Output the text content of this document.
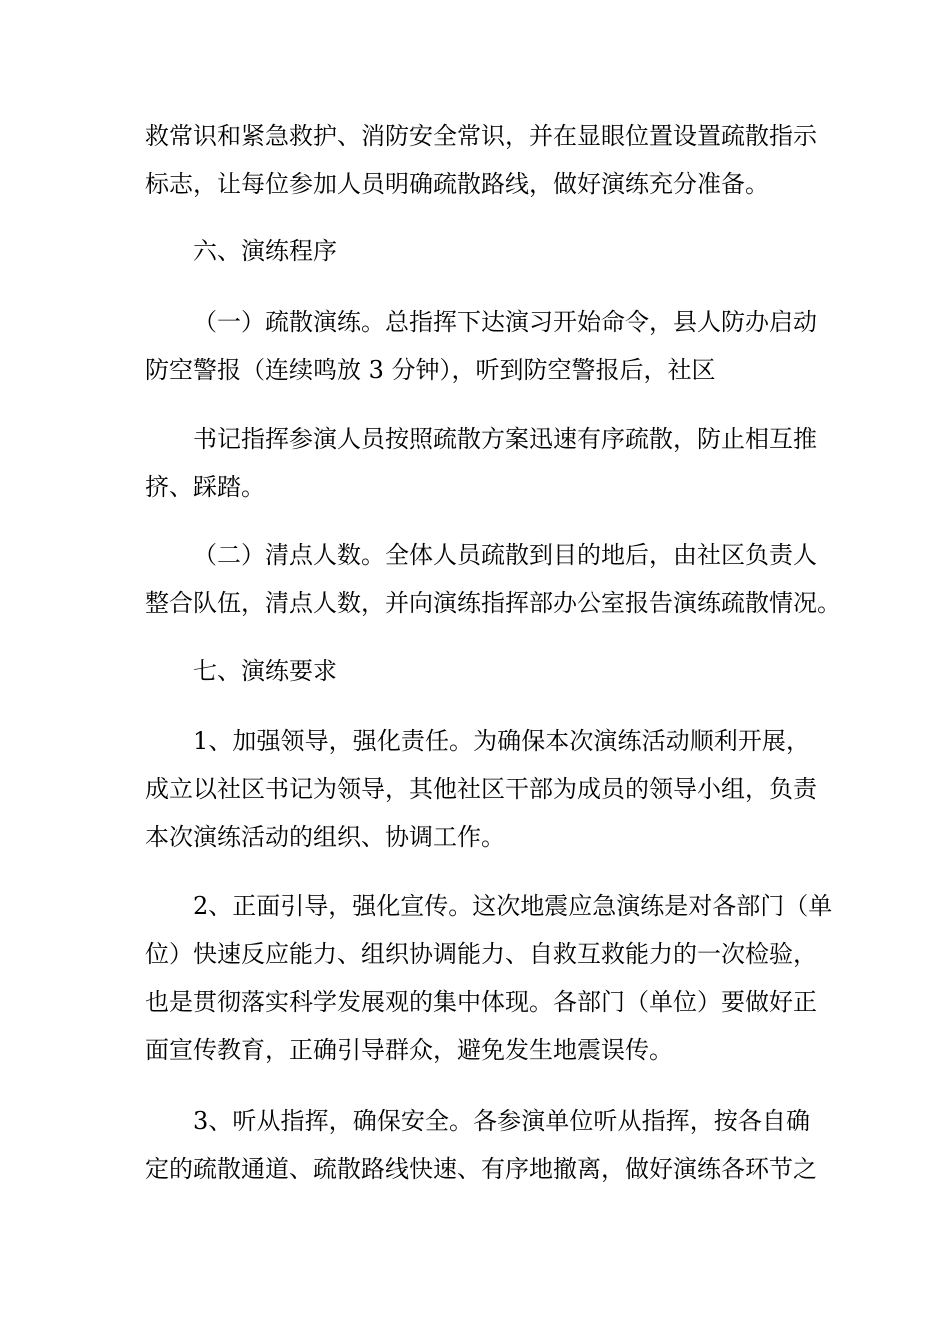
救常识和紧急救护、消防安全常识，并在显眼位置设置疏散指示
标志，让每位参加人员明确疏散路线，做好演练充分准备。
六、演练程序
（一）疏散演练。总指挥下达演习开始命令，县人防办启动
防空警报（连续鸣放 3 分钟），听到防空警报后，社区
书记指挥参演人员按照疏散方案迅速有序疏散，防止相互推
挤、踩踏。
（二）清点人数。全体人员疏散到目的地后，由社区负责人
整合队伍，清点人数，并向演练指挥部办公室报告演练疏散情况。
七、演练要求
1、加强领导，强化责任。为确保本次演练活动顺利开展，
成立以社区书记为领导，其他社区干部为成员的领导小组，负责
本次演练活动的组织、协调工作。
2、正面引导，强化宣传。这次地震应急演练是对各部门（单
位）快速反应能力、组织协调能力、自救互救能力的一次检验，
也是贯彻落实科学发展观的集中体现。各部门（单位）要做好正
面宣传教育，正确引导群众，避免发生地震误传。
3、听从指挥，确保安全。各参演单位听从指挥，按各自确
定的疏散通道、疏散路线快速、有序地撤离，做好演练各环节之
